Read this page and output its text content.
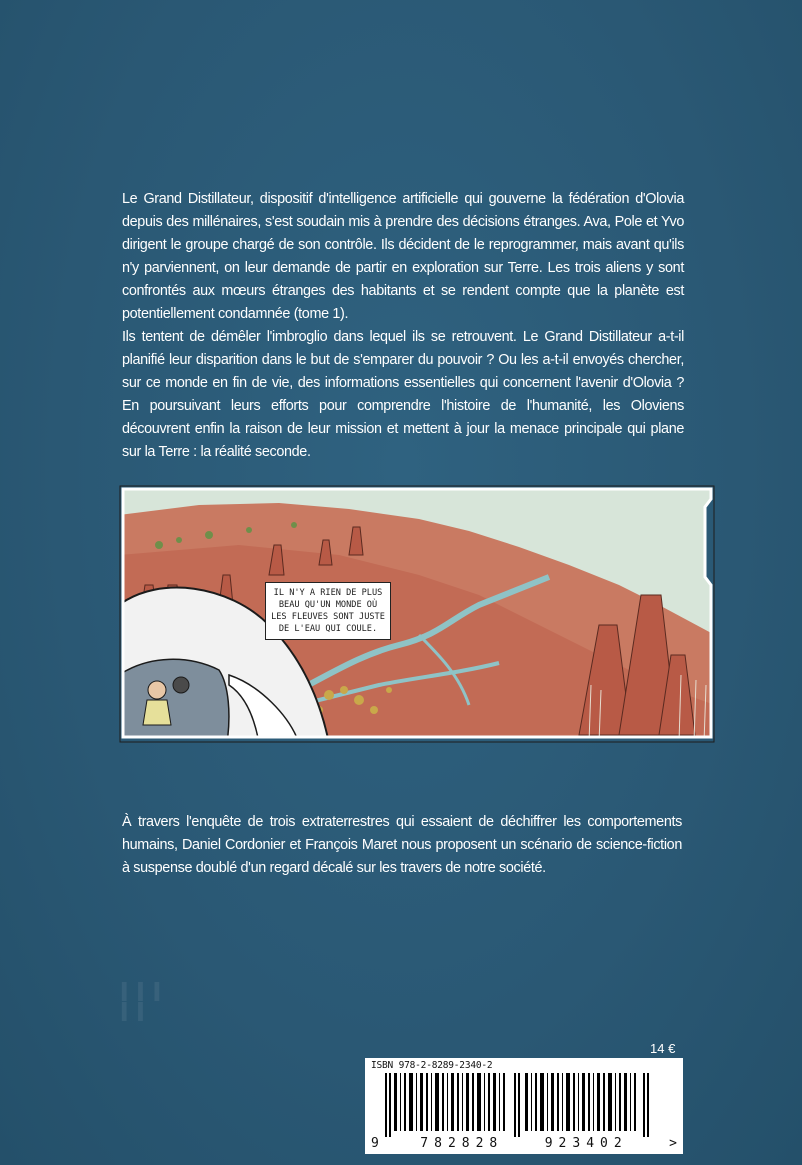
Le Grand Distillateur, dispositif d'intelligence artificielle qui gouverne la fédération d'Olovia depuis des millénaires, s'est soudain mis à prendre des décisions étranges. Ava, Pole et Yvo dirigent le groupe chargé de son contrôle. Ils décident de le reprogrammer, mais avant qu'ils n'y parviennent, on leur demande de partir en exploration sur Terre. Les trois aliens y sont confrontés aux mœurs étranges des habitants et se rendent compte que la planète est potentiellement condamnée (tome 1).

Ils tentent de démêler l'imbroglio dans lequel ils se retrouvent. Le Grand Distillateur a-t-il planifié leur disparition dans le but de s'emparer du pouvoir ? Ou les a-t-il envoyés chercher, sur ce monde en fin de vie, des informations essentielles qui concernent l'avenir d'Olovia ? En poursuivant leurs efforts pour comprendre l'histoire de l'humanité, les Oloviens découvrent enfin la raison de leur mission et mettent à jour la menace principale qui plane sur la Terre : la réalité seconde.

IL N'Y A RIEN DE PLUS BEAU QU'UN MONDE OÙ LES FLEUVES SONT JUSTE DE L'EAU QUI COULE.
À travers l'enquête de trois extraterrestres qui essaient de déchiffrer les comportements humains, Daniel Cordonier et François Maret nous proposent un scénario de science-fiction à suspense doublé d'un regard décalé sur les travers de notre société.
▍▍▍ ▍▍
14 €
ISBN 978-2-8289-2340-2
9	782828	923402	>
